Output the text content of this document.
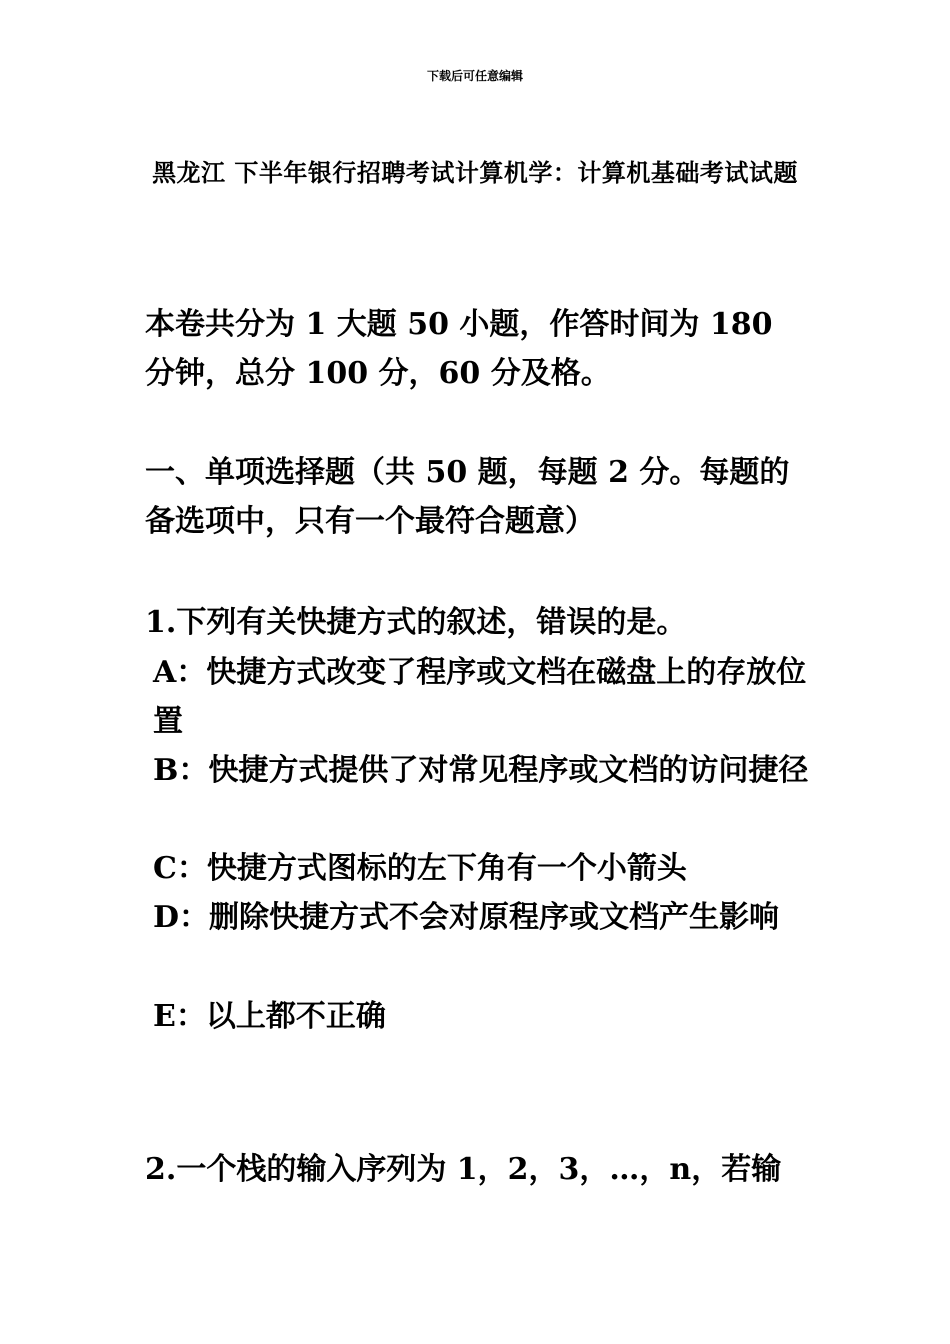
下载后可任意编辑
黑龙江 下半年银行招聘考试计算机学：计算机基础考试试题

本卷共分为 1 大题 50 小题，作答时间为 180 分钟，总分 100 分，60 分及格。

一、单项选择题（共 50 题，每题 2 分。每题的备选项中，只有一个最符合题意）

1.下列有关快捷方式的叙述，错误的是。

A：快捷方式改变了程序或文档在磁盘上的存放位置

B：快捷方式提供了对常见程序或文档的访问捷径

C：快捷方式图标的左下角有一个小箭头

D：删除快捷方式不会对原程序或文档产生影响

E：以上都不正确

2.一个栈的输入序列为 1，2，3，…，n，若输
